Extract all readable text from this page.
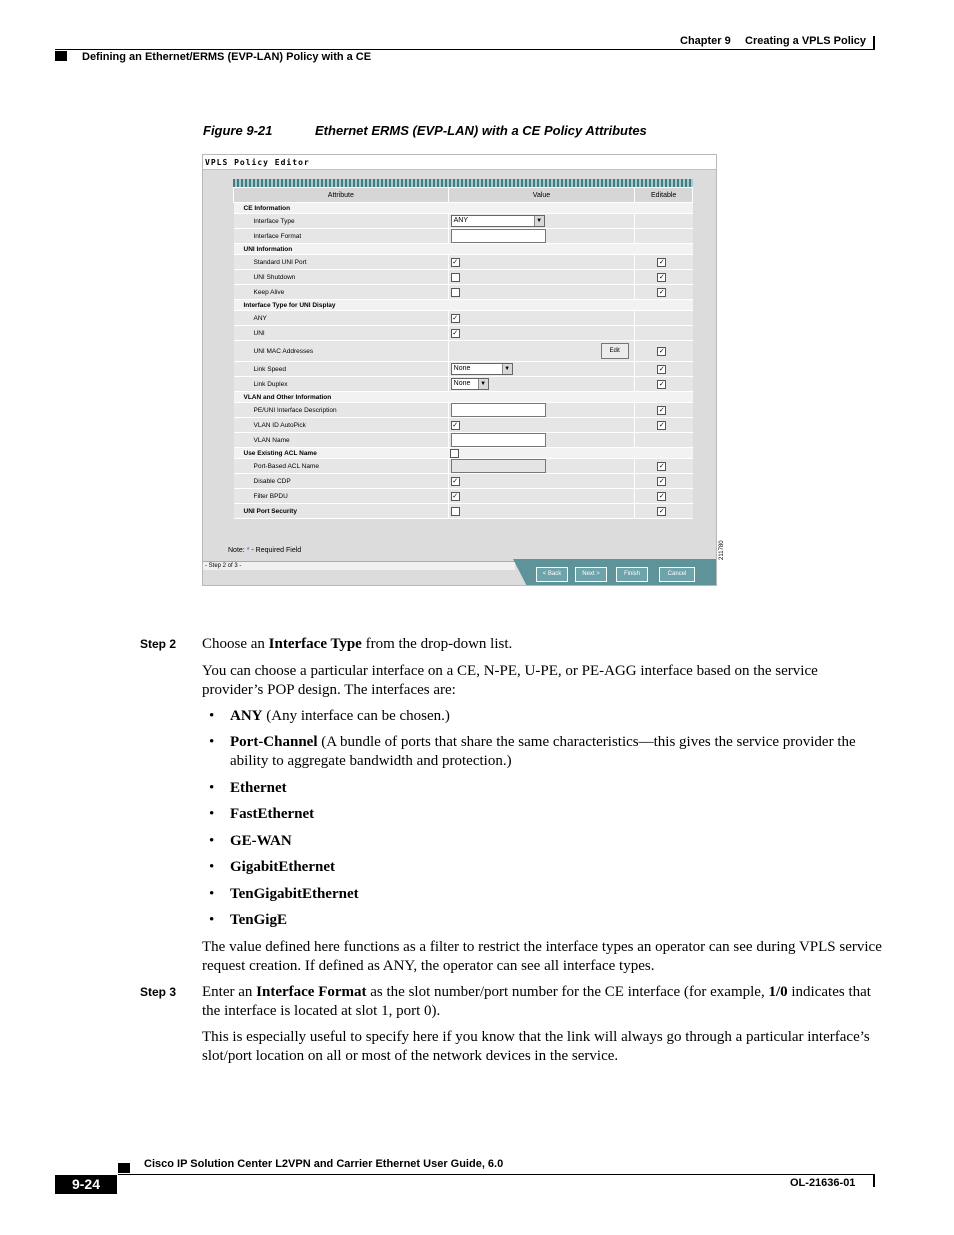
Chapter 9 Creating a VPLS Policy
Defining an Ethernet/ERMS (EVP-LAN) Policy with a CE
Figure 9-21	Ethernet ERMS (EVP-LAN) with a CE Policy Attributes
VPLS Policy Editor
Attribute	Value	Editable
CE Information		
Interface Type	ANY ▼	

Interface Format		
UNI Information		
Standard UNI Port	✓	✓
UNI Shutdown		✓
Keep Alive		✓
Interface Type for UNI Display		
ANY	✓	
UNI	✓	
UNI MAC Addresses	Edit	✓
Link Speed	None ▼	✓
Link Duplex	None ▼	✓
VLAN and Other Information		
PE/UNI Interface Description		✓
VLAN ID AutoPick	✓	✓
VLAN Name		
Use Existing ACL Name		
Port-Based ACL Name		✓
Disable CDP	✓	✓
Filter BPDU	✓	✓
UNI Port Security		✓
Note: * - Required Field
- Step 2 of 3 -
< Back	Next >	Finish	Cancel
211780
Step 2 Choose an Interface Type from the drop-down list.
You can choose a particular interface on a CE, N-PE, U-PE, or PE-AGG interface based on the service provider’s POP design. The interfaces are:
• ANY (Any interface can be chosen.)
• Port-Channel (A bundle of ports that share the same characteristics—this gives the service provider the ability to aggregate bandwidth and protection.)
• Ethernet
• FastEthernet
• GE-WAN
• GigabitEthernet
• TenGigabitEthernet
• TenGigE
The value defined here functions as a filter to restrict the interface types an operator can see during VPLS service request creation. If defined as ANY, the operator can see all interface types.
Step 3 Enter an Interface Format as the slot number/port number for the CE interface (for example, 1/0 indicates that the interface is located at slot 1, port 0).
This is especially useful to specify here if you know that the link will always go through a particular interface’s slot/port location on all or most of the network devices in the service.
Cisco IP Solution Center L2VPN and Carrier Ethernet User Guide, 6.0
9-24	OL-21636-01
